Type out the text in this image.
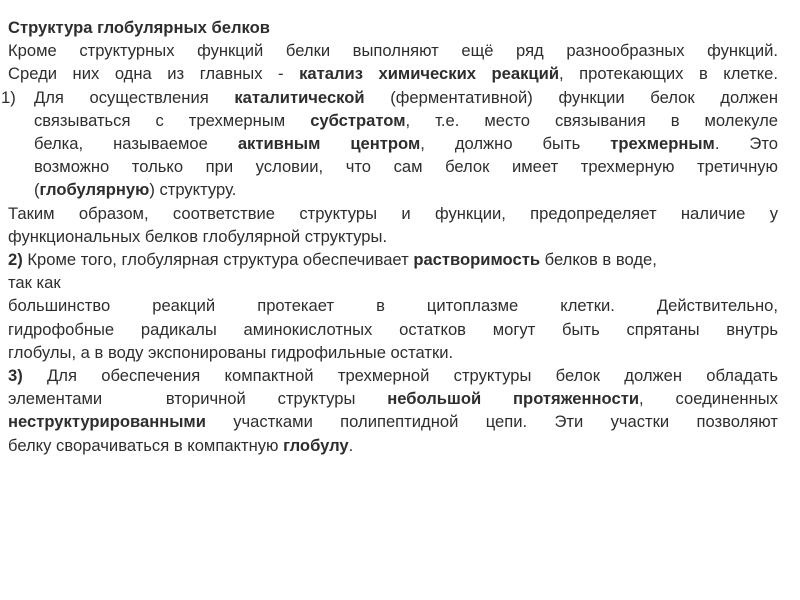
Структура глобулярных белков
Кроме структурных функций белки выполняют ещё ряд разнообразных функций.
Среди них одна из главных - катализ химических реакций, протекающих в клетке.
1) Для осуществления каталитической (ферментативной) функции белок должен
связываться с трехмерным субстратом, т.е. место связывания в молекуле
белка, называемое активным центром, должно быть трехмерным. Это
возможно только при условии, что сам белок имеет трехмерную третичную
(глобулярную) структуру.
Таким образом, соответствие структуры и функции, предопределяет наличие у
функциональных белков глобулярной структуры.
2) Кроме того, глобулярная структура обеспечивает растворимость белков в воде,
так как
большинство реакций протекает в цитоплазме клетки. Действительно,
гидрофобные радикалы аминокислотных остатков могут быть спрятаны внутрь
глобулы, а в воду экспонированы гидрофильные остатки.
3) Для обеспечения компактной трехмерной структуры белок должен обладать
элементами  вторичной структуры небольшой протяженности, соединенных
неструктурированными участками полипептидной цепи. Эти участки позволяют
белку сворачиваться в компактную глобулу.
